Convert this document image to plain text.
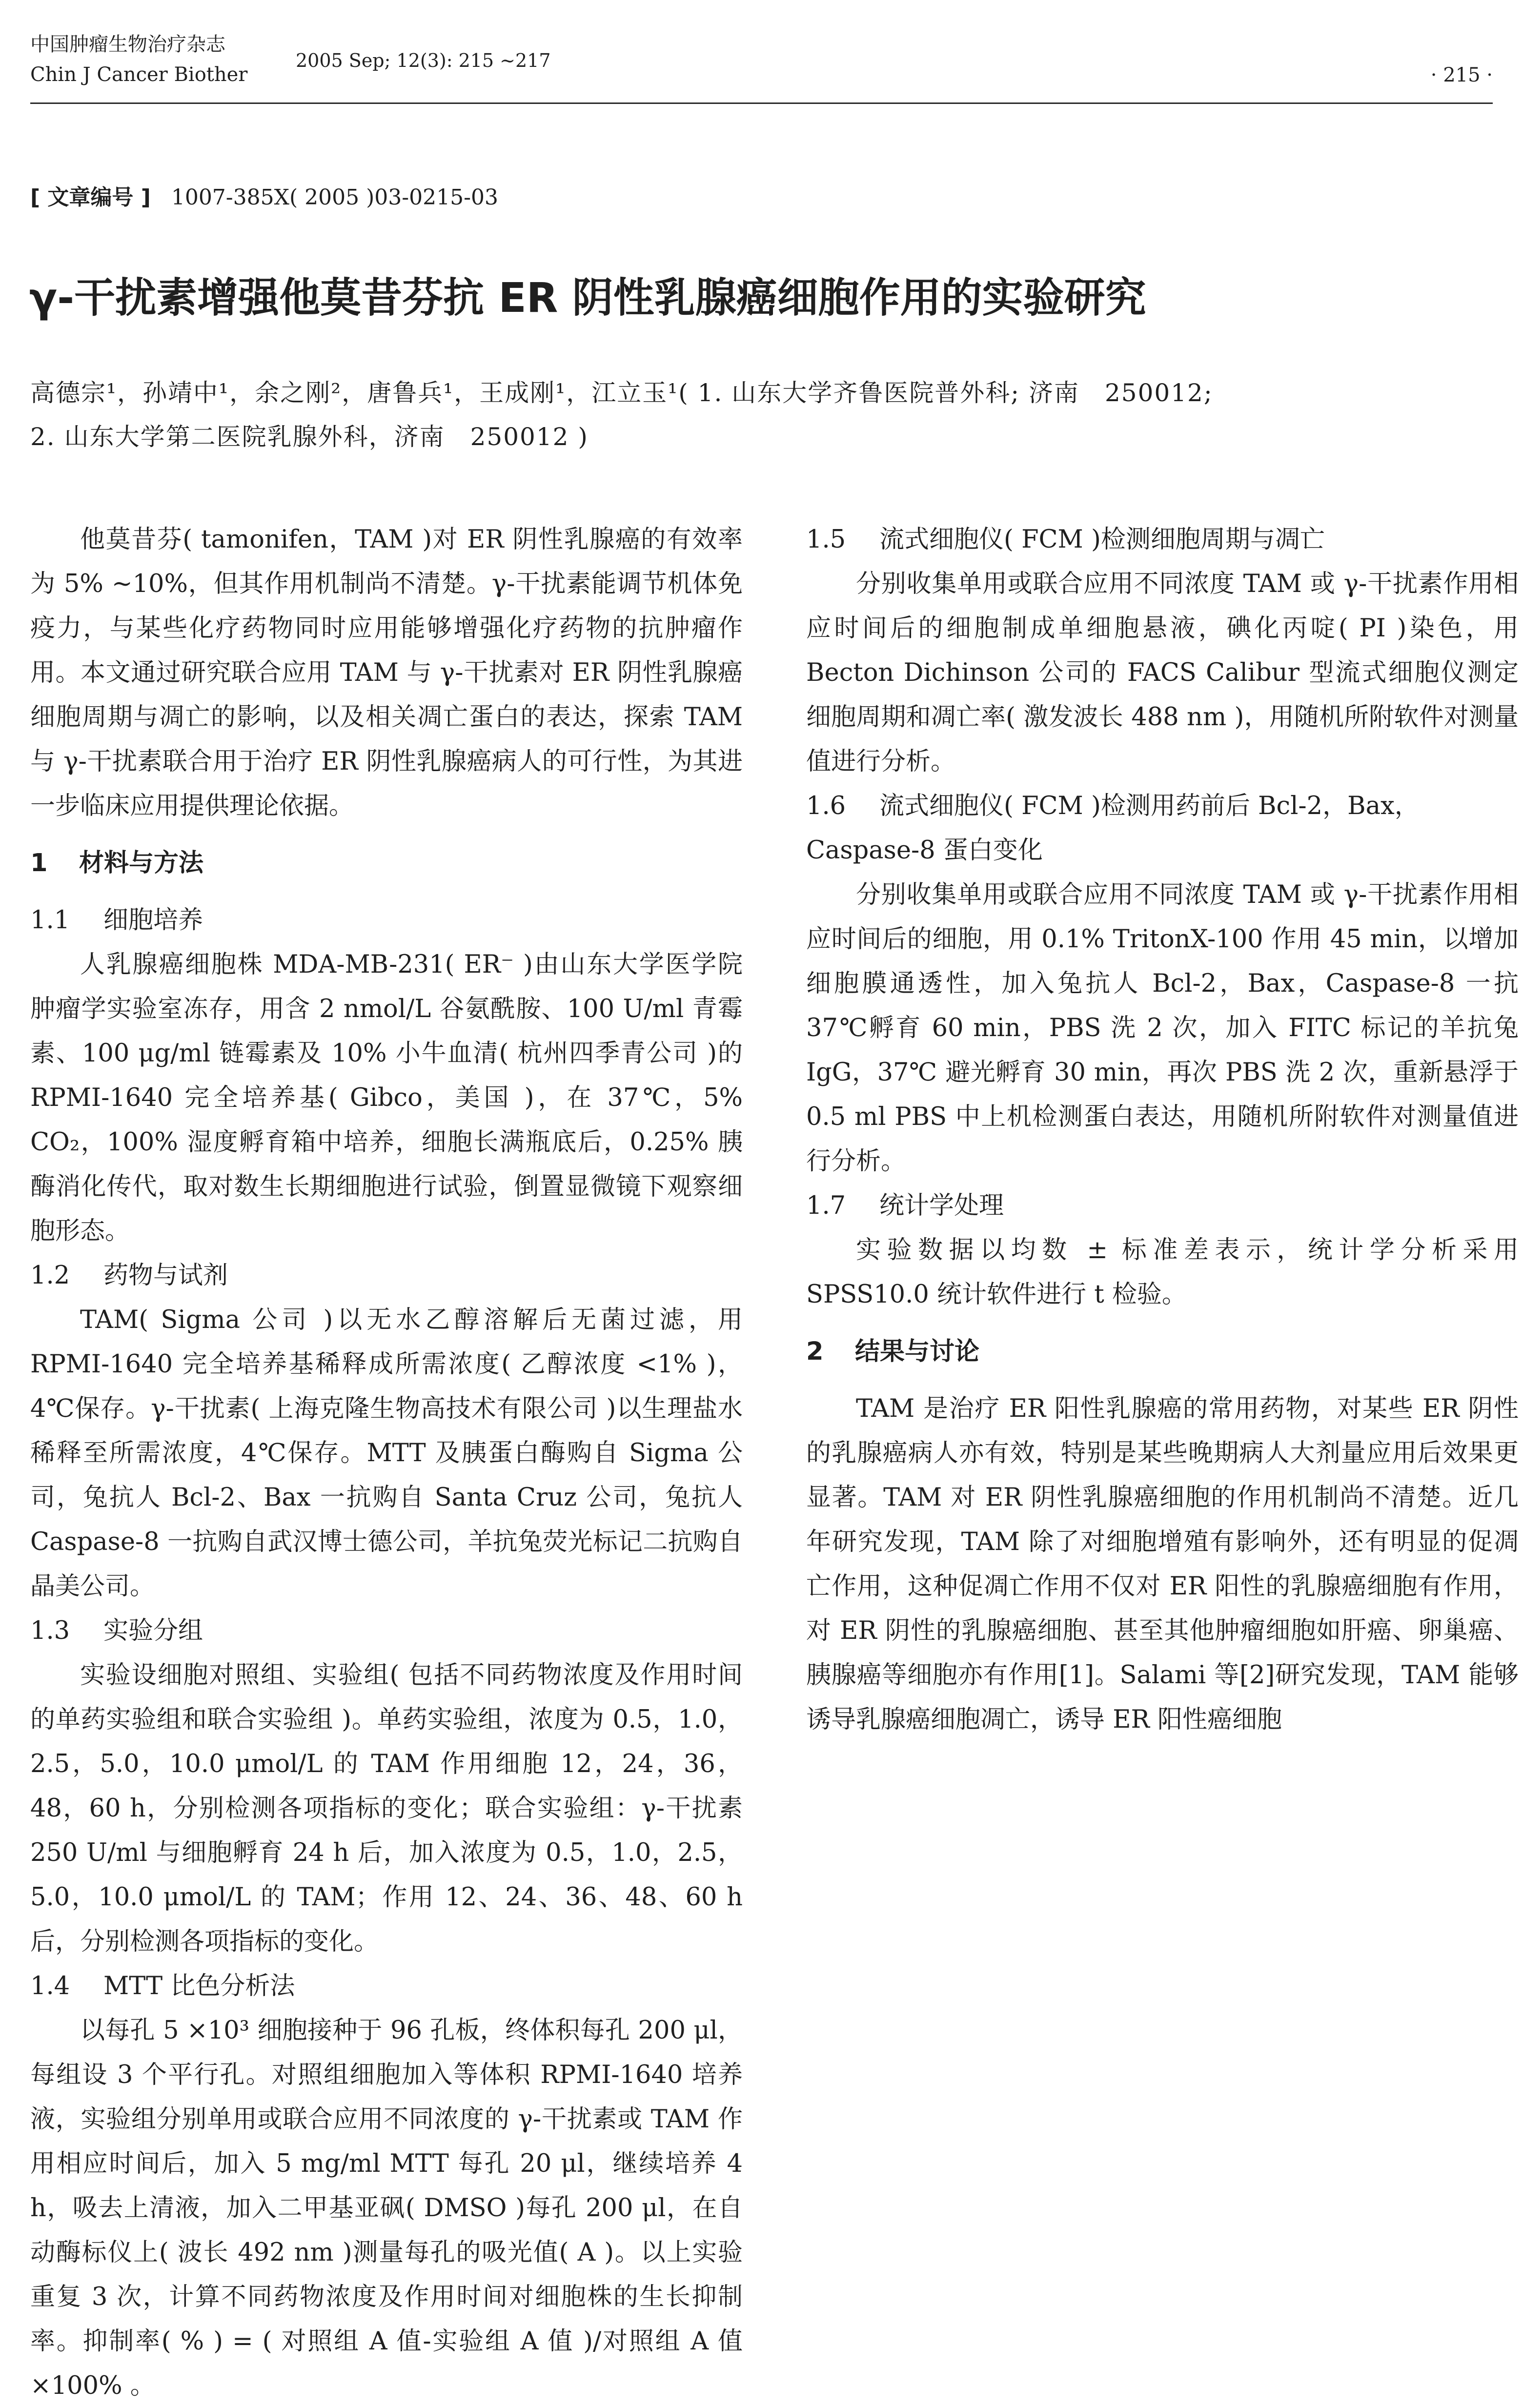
中国肿瘤生物治疗杂志
Chin J Cancer Biother
2005 Sep; 12(3): 215 ~217
· 215 ·
[ 文章编号 ] 1007-385X( 2005 )03-0215-03
γ-干扰素增强他莫昔芬抗 ER 阴性乳腺癌细胞作用的实验研究
高德宗¹，孙靖中¹，余之刚²，唐鲁兵¹，王成刚¹，江立玉¹( 1. 山东大学齐鲁医院普外科; 济南　250012;
2. 山东大学第二医院乳腺外科，济南　250012 )

他莫昔芬( tamonifen，TAM )对 ER 阴性乳腺癌的有效率为 5% ~10%，但其作用机制尚不清楚。γ-干扰素能调节机体免疫力，与某些化疗药物同时应用能够增强化疗药物的抗肿瘤作用。本文通过研究联合应用 TAM 与 γ-干扰素对 ER 阴性乳腺癌细胞周期与凋亡的影响，以及相关凋亡蛋白的表达，探索 TAM 与 γ-干扰素联合用于治疗 ER 阴性乳腺癌病人的可行性，为其进一步临床应用提供理论依据。

1 材料与方法
1.1 细胞培养

人乳腺癌细胞株 MDA-MB-231( ER⁻ )由山东大学医学院肿瘤学实验室冻存，用含 2 nmol/L 谷氨酰胺、100 U/ml 青霉素、100 μg/ml 链霉素及 10% 小牛血清( 杭州四季青公司 )的 RPMI-1640 完全培养基( Gibco，美国 )，在 37℃，5% CO₂，100% 湿度孵育箱中培养，细胞长满瓶底后，0.25% 胰酶消化传代，取对数生长期细胞进行试验，倒置显微镜下观察细胞形态。

1.2 药物与试剂

TAM( Sigma 公司 )以无水乙醇溶解后无菌过滤，用 RPMI-1640 完全培养基稀释成所需浓度( 乙醇浓度 <1% )，4℃保存。γ-干扰素( 上海克隆生物高技术有限公司 )以生理盐水稀释至所需浓度，4℃保存。MTT 及胰蛋白酶购自 Sigma 公司，兔抗人 Bcl-2、Bax 一抗购自 Santa Cruz 公司，兔抗人 Caspase-8 一抗购自武汉博士德公司，羊抗兔荧光标记二抗购自晶美公司。

1.3 实验分组

实验设细胞对照组、实验组( 包括不同药物浓度及作用时间的单药实验组和联合实验组 )。单药实验组，浓度为 0.5，1.0，2.5，5.0，10.0 μmol/L 的 TAM 作用细胞 12，24，36，48，60 h，分别检测各项指标的变化；联合实验组：γ-干扰素 250 U/ml 与细胞孵育 24 h 后，加入浓度为 0.5，1.0，2.5，5.0，10.0 μmol/L 的 TAM；作用 12、24、36、48、60 h 后，分别检测各项指标的变化。

1.4 MTT 比色分析法

以每孔 5 ×10³ 细胞接种于 96 孔板，终体积每孔 200 μl，每组设 3 个平行孔。对照组细胞加入等体积 RPMI-1640 培养液，实验组分别单用或联合应用不同浓度的 γ-干扰素或 TAM 作用相应时间后，加入 5 mg/ml MTT 每孔 20 μl，继续培养 4 h，吸去上清液，加入二甲基亚砜( DMSO )每孔 200 μl，在自动酶标仪上( 波长 492 nm )测量每孔的吸光值( A )。以上实验重复 3 次，计算不同药物浓度及作用时间对细胞株的生长抑制率。抑制率( % ) = ( 对照组 A 值-实验组 A 值 )/对照组 A 值 ×100% 。

1.5 流式细胞仪( FCM )检测细胞周期与凋亡

分别收集单用或联合应用不同浓度 TAM 或 γ-干扰素作用相应时间后的细胞制成单细胞悬液，碘化丙啶( PI )染色，用 Becton Dichinson 公司的 FACS Calibur 型流式细胞仪测定细胞周期和凋亡率( 激发波长 488 nm )，用随机所附软件对测量值进行分析。

1.6 流式细胞仪( FCM )检测用药前后 Bcl-2，Bax，Caspase-8 蛋白变化

分别收集单用或联合应用不同浓度 TAM 或 γ-干扰素作用相应时间后的细胞，用 0.1% TritonX-100 作用 45 min，以增加细胞膜通透性，加入兔抗人 Bcl-2，Bax，Caspase-8 一抗 37℃孵育 60 min，PBS 洗 2 次，加入 FITC 标记的羊抗兔 IgG，37℃ 避光孵育 30 min，再次 PBS 洗 2 次，重新悬浮于 0.5 ml PBS 中上机检测蛋白表达，用随机所附软件对测量值进行分析。

1.7 统计学处理

实验数据以均数 ± 标准差表示，统计学分析采用 SPSS10.0 统计软件进行 t 检验。

2 结果与讨论

TAM 是治疗 ER 阳性乳腺癌的常用药物，对某些 ER 阴性的乳腺癌病人亦有效，特别是某些晚期病人大剂量应用后效果更显著。TAM 对 ER 阴性乳腺癌细胞的作用机制尚不清楚。近几年研究发现，TAM 除了对细胞增殖有影响外，还有明显的促凋亡作用，这种促凋亡作用不仅对 ER 阳性的乳腺癌细胞有作用，对 ER 阴性的乳腺癌细胞、甚至其他肿瘤细胞如肝癌、卵巢癌、胰腺癌等细胞亦有作用[1]。Salami 等[2]研究发现，TAM 能够诱导乳腺癌细胞凋亡，诱导 ER 阳性癌细胞
